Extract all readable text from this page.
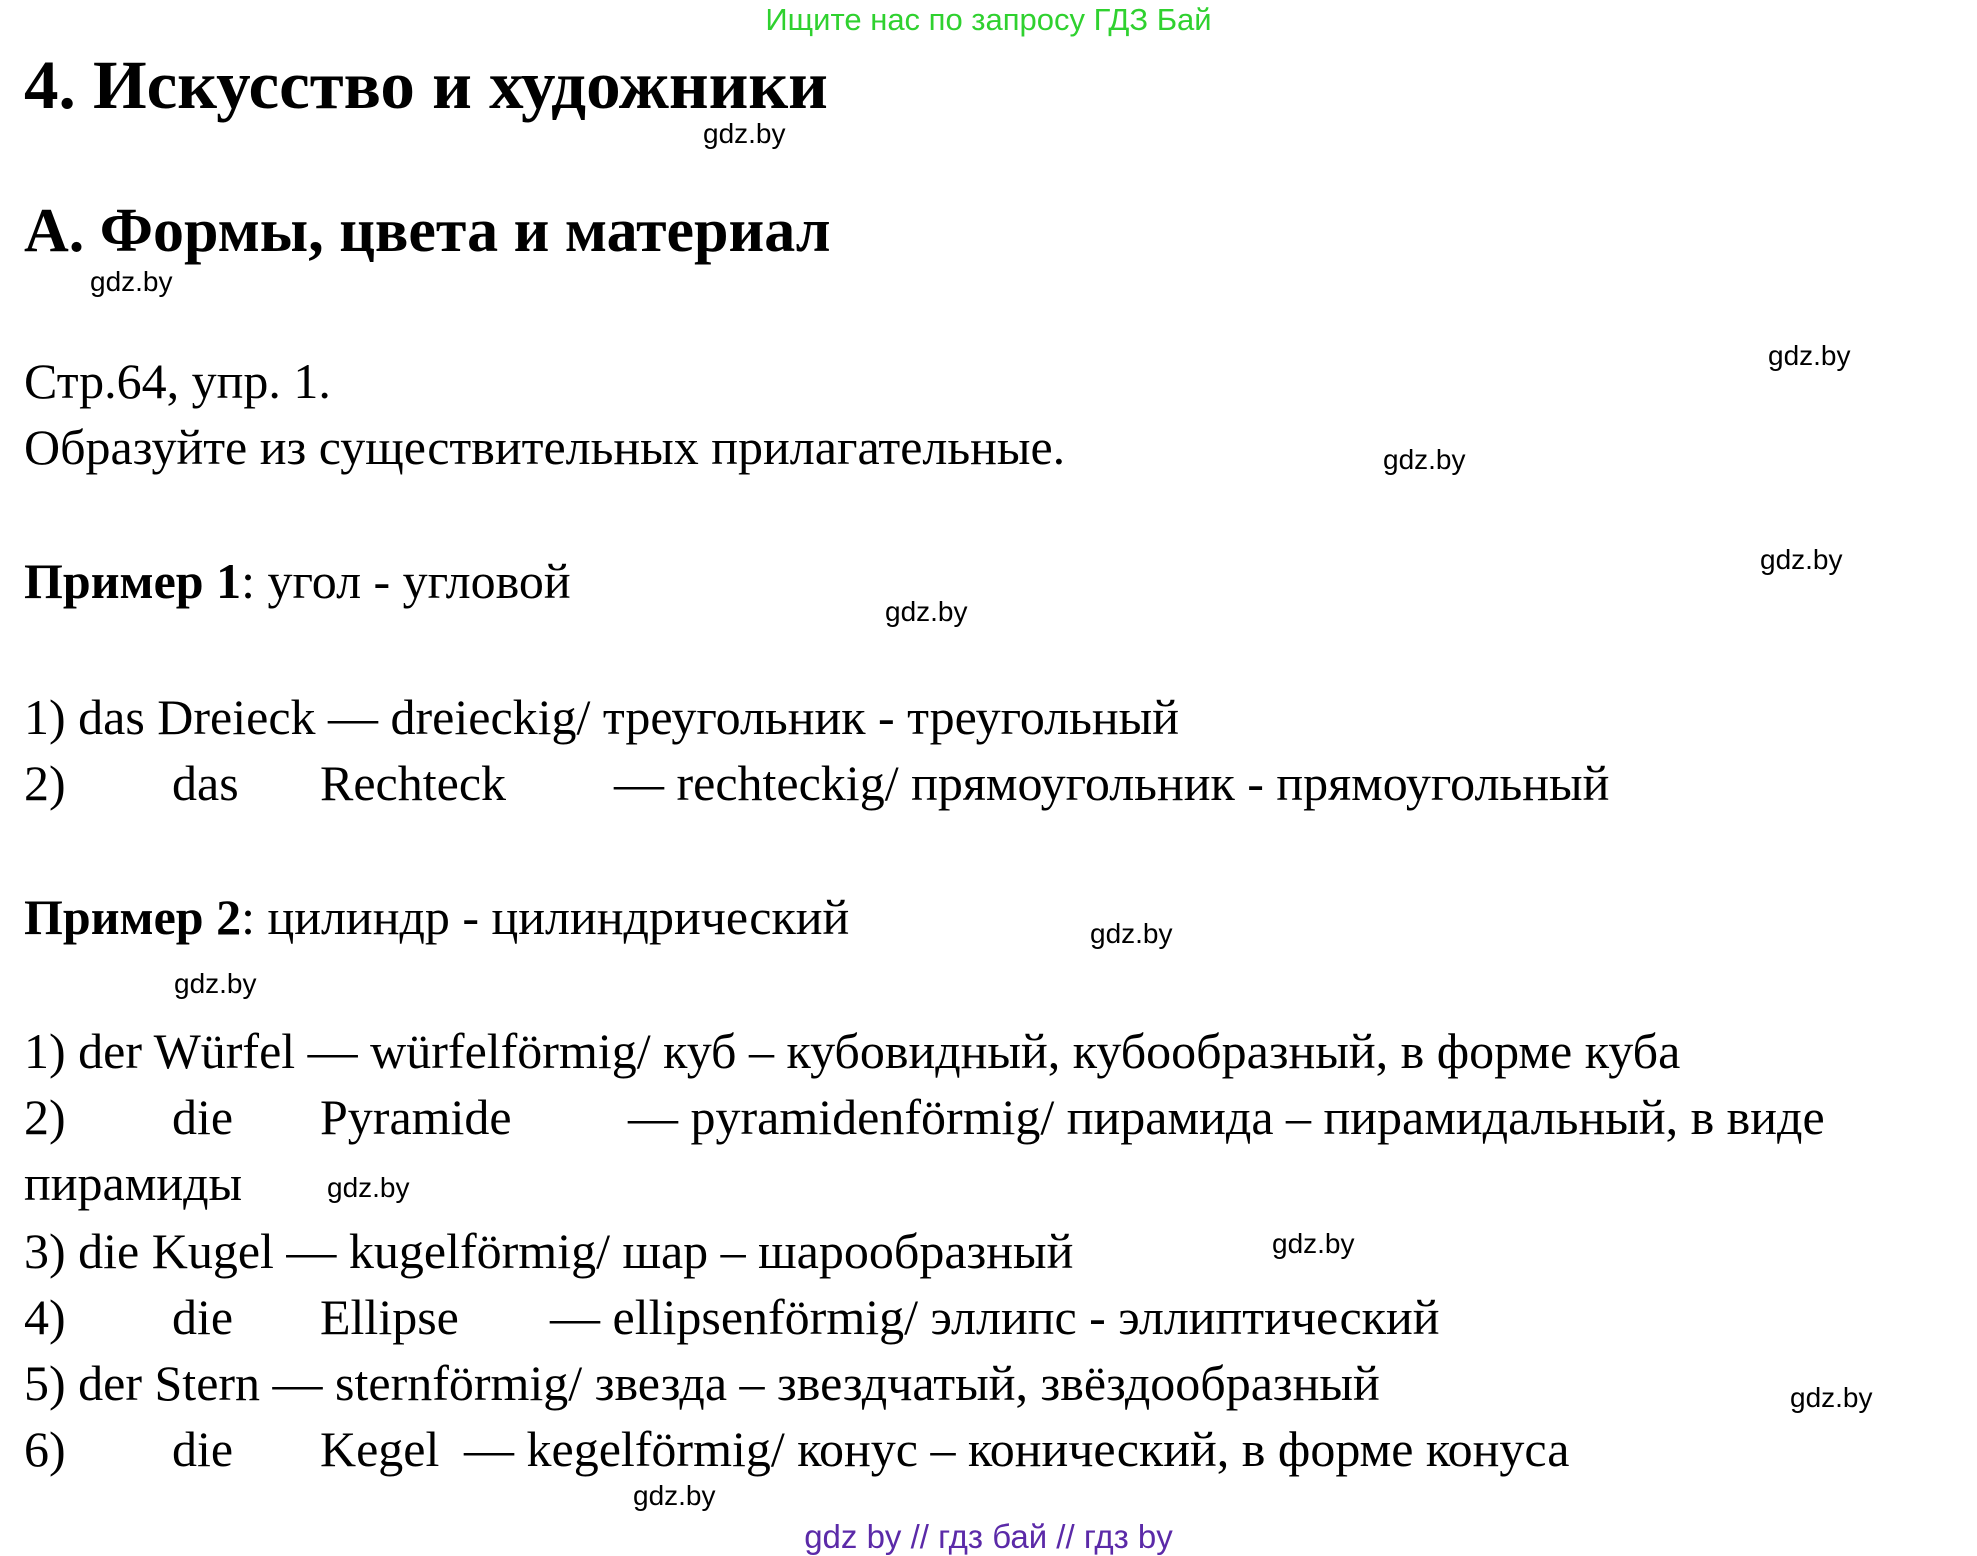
Ищите нас по запросу ГДЗ Бай
4. Искусство и художники
gdz.by
А. Формы, цвета и материал
gdz.by
gdz.by
Стр.64, упр. 1.
Образуйте из существительных прилагательные.	gdz.by
gdz.by
Пример 1: угол - угловой
gdz.by
1) das Dreieck — dreieckig/ треугольник - треугольный
2) das Rechteck — rechteckig/ прямоугольник - прямоугольный
Пример 2: цилиндр - цилиндрический	gdz.by
gdz.by
1) der Würfel — würfelförmig/ куб – кубовидный, кубообразный, в форме куба
2) die Pyramide — pyramidenförmig/ пирамида – пирамидальный, в виде
пирамиды	gdz.by
3) die Kugel — kugelförmig/ шар – шарообразный	gdz.by
4) die Ellipse — ellipsenförmig/ эллипс - эллиптический
5) der Stern — sternförmig/ звезда – звездчатый, звёздообразный	gdz.by
6) die Kegel — kegelförmig/ конус – конический, в форме конуса
gdz.by
gdz by // гдз бай // гдз by
